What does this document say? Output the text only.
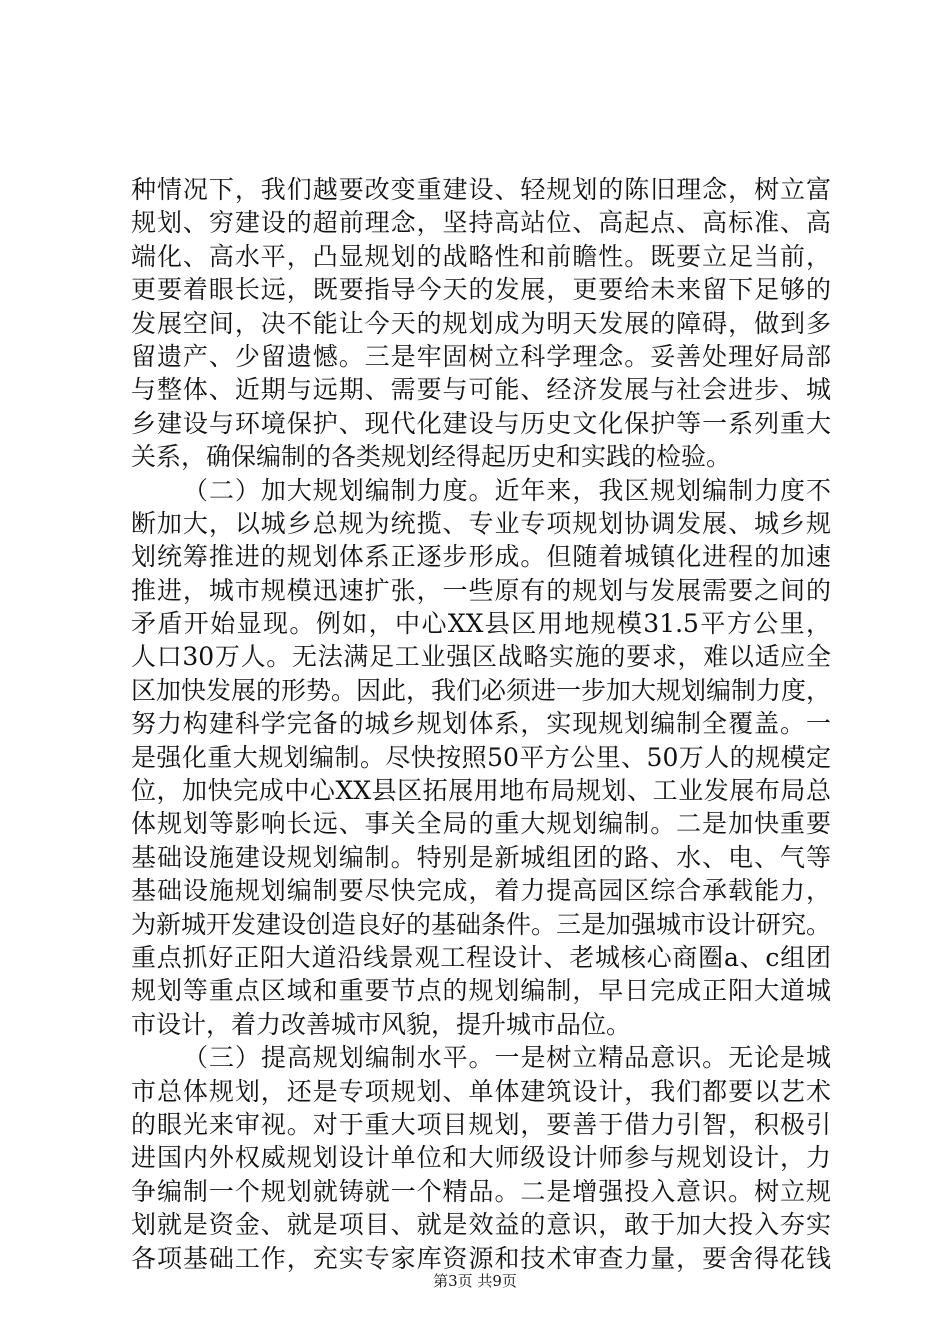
种情况下，我们越要改变重建设、轻规划的陈旧理念，树立富
规划、穷建设的超前理念，坚持高站位、高起点、高标准、高
端化、高水平，凸显规划的战略性和前瞻性。既要立足当前，
更要着眼长远，既要指导今天的发展，更要给未来留下足够的
发展空间，决不能让今天的规划成为明天发展的障碍，做到多
留遗产、少留遗憾。三是牢固树立科学理念。妥善处理好局部
与整体、近期与远期、需要与可能、经济发展与社会进步、城
乡建设与环境保护、现代化建设与历史文化保护等一系列重大
关系，确保编制的各类规划经得起历史和实践的检验。
（二）加大规划编制力度。近年来，我区规划编制力度不
断加大，以城乡总规为统揽、专业专项规划协调发展、城乡规
划统筹推进的规划体系正逐步形成。但随着城镇化进程的加速
推进，城市规模迅速扩张，一些原有的规划与发展需要之间的
矛盾开始显现。例如，中心XX县区用地规模31.5平方公里，
人口30万人。无法满足工业强区战略实施的要求，难以适应全
区加快发展的形势。因此，我们必须进一步加大规划编制力度，
努力构建科学完备的城乡规划体系，实现规划编制全覆盖。一
是强化重大规划编制。尽快按照50平方公里、50万人的规模定
位，加快完成中心XX县区拓展用地布局规划、工业发展布局总
体规划等影响长远、事关全局的重大规划编制。二是加快重要
基础设施建设规划编制。特别是新城组团的路、水、电、气等
基础设施规划编制要尽快完成，着力提高园区综合承载能力，
为新城开发建设创造良好的基础条件。三是加强城市设计研究。
重点抓好正阳大道沿线景观工程设计、老城核心商圈a、c组团
规划等重点区域和重要节点的规划编制，早日完成正阳大道城
市设计，着力改善城市风貌，提升城市品位。
（三）提高规划编制水平。一是树立精品意识。无论是城
市总体规划，还是专项规划、单体建筑设计，我们都要以艺术
的眼光来审视。对于重大项目规划，要善于借力引智，积极引
进国内外权威规划设计单位和大师级设计师参与规划设计，力
争编制一个规划就铸就一个精品。二是增强投入意识。树立规
划就是资金、就是项目、就是效益的意识，敢于加大投入夯实
各项基础工作，充实专家库资源和技术审查力量，要舍得花钱
第3页 共9页
